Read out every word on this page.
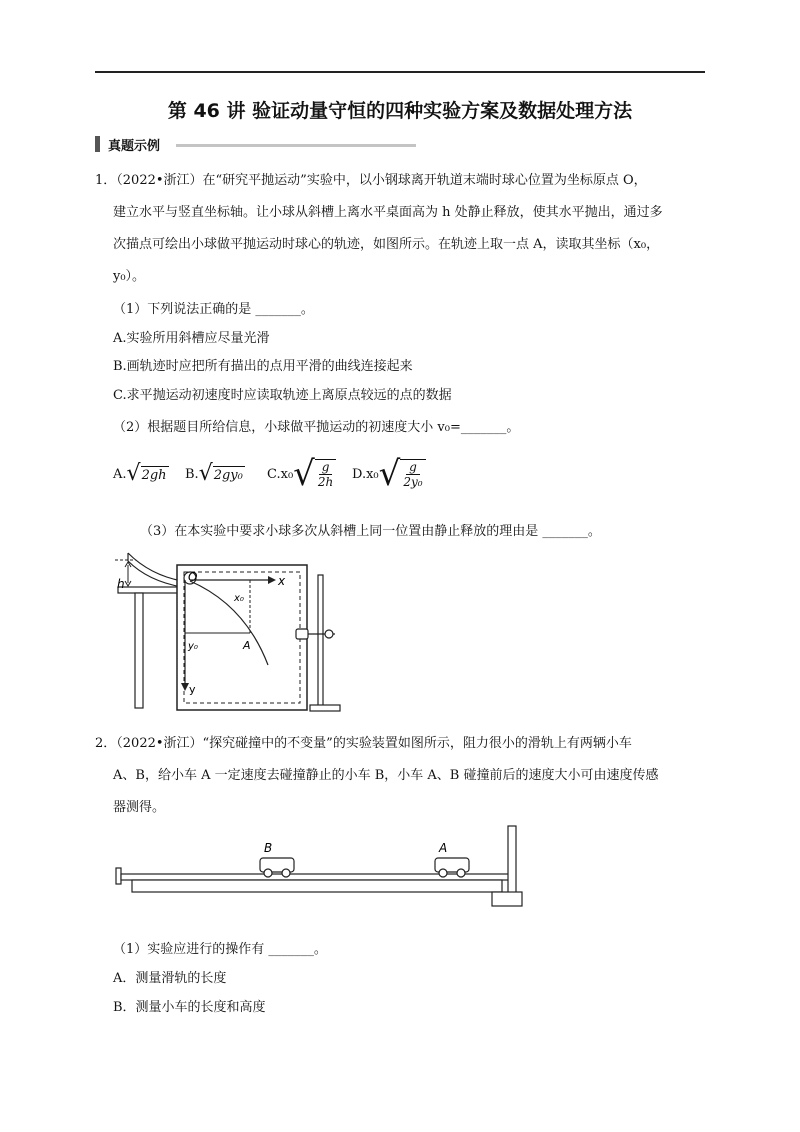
第 46 讲 验证动量守恒的四种实验方案及数据处理方法
真题示例
1．（2022•浙江）在“研究平抛运动”实验中，以小钢球离开轨道末端时球心位置为坐标原点 O，
建立水平与竖直坐标轴。让小球从斜槽上离水平桌面高为 h 处静止释放，使其水平抛出，通过多
次描点可绘出小球做平抛运动时球心的轨迹，如图所示。在轨迹上取一点 A，读取其坐标（x₀，
y₀）。
（1）下列说法正确的是 _______。
A.实验所用斜槽应尽量光滑
B.画轨迹时应把所有描出的点用平滑的曲线连接起来
C.求平抛运动初速度时应读取轨迹上离原点较远的点的数据
（2）根据题目所给信息，小球做平抛运动的初速度大小 v₀=_______。
A. √ 2gh B. √ 2gy₀ C.x₀ √ $\frac{g}{2h} D.x_0$ √ $\frac{g}{\text{2y₀}}$
（3）在本实验中要求小球多次从斜槽上同一位置由静止释放的理由是 _______。
h	O	x
y
x₀
y₀	A
2．（2022•浙江）“探究碰撞中的不变量”的实验装置如图所示，阻力很小的滑轨上有两辆小车
A、B，给小车 A 一定速度去碰撞静止的小车 B，小车 A、B 碰撞前后的速度大小可由速度传感
器测得。
B	A
（1）实验应进行的操作有 _______。
A．测量滑轨的长度
B．测量小车的长度和高度
